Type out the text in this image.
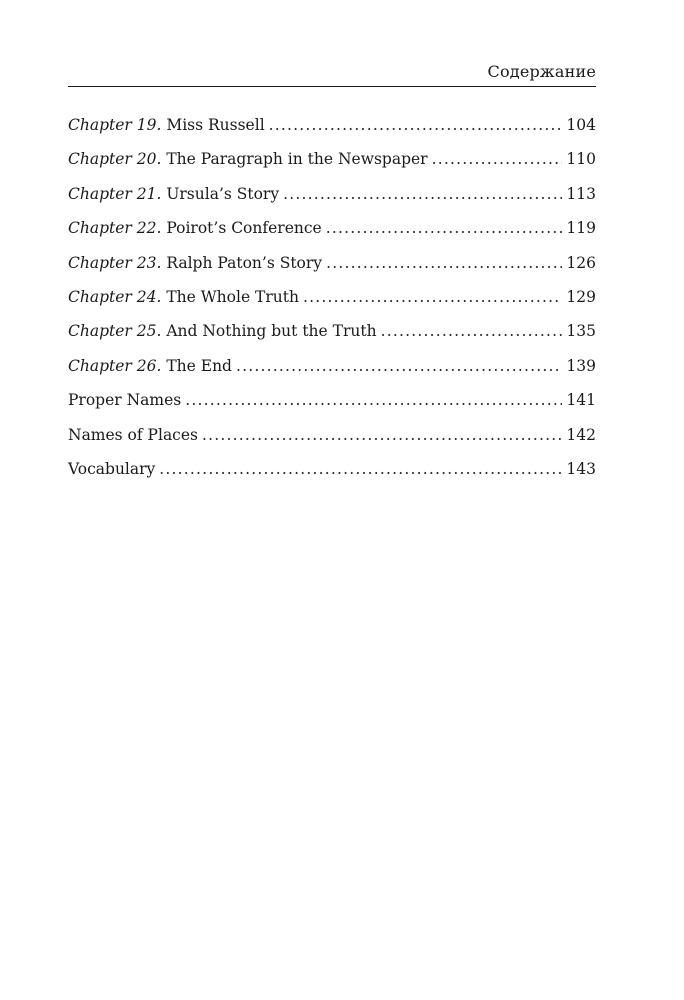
Содержание
Chapter 19. Miss Russell .....	104
Chapter 20. The Paragraph in the Newspaper .....	110
Chapter 21. Ursula’s Story .....	113
Chapter 22. Poirot’s Conference .....	119
Chapter 23. Ralph Paton’s Story .....	126
Chapter 24. The Whole Truth .....	129
Chapter 25. And Nothing but the Truth .....	135
Chapter 26. The End .....	139
Proper Names .....	141
Names of Places .....	142
Vocabulary .....	143
